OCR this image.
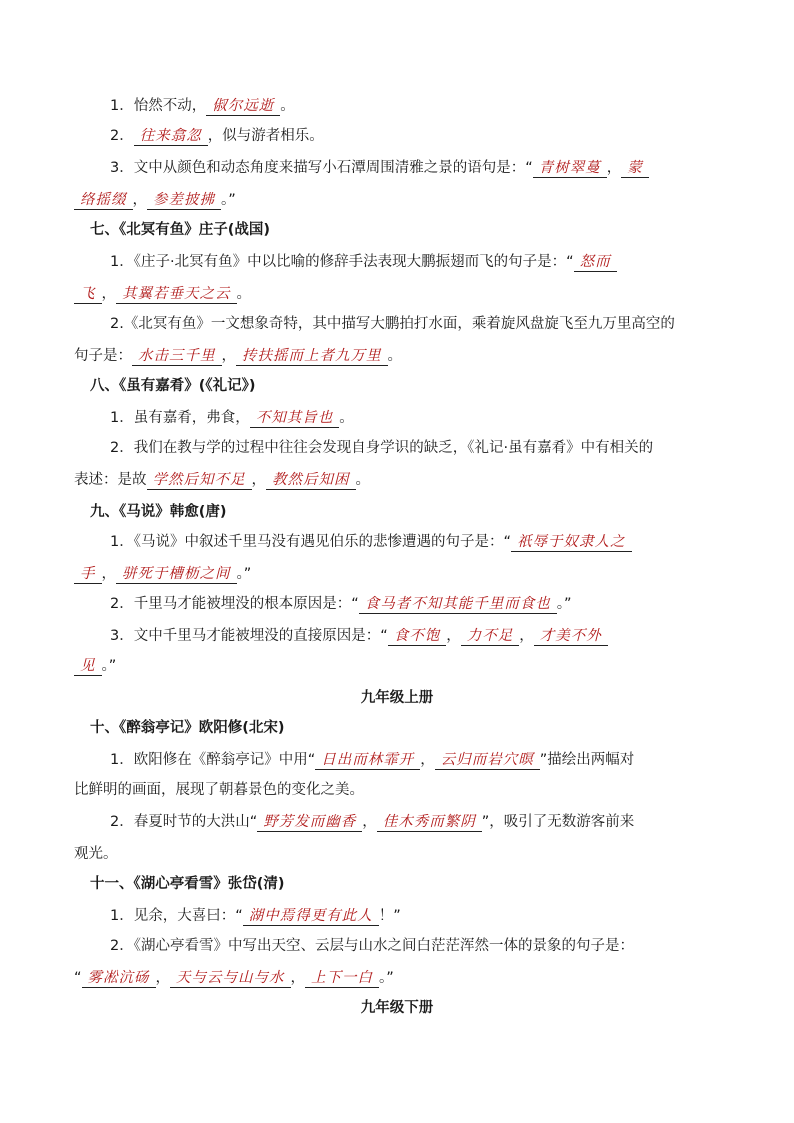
1．怡然不动， 俶尔远逝 。
2． 往来翕忽 ，似与游者相乐。
3．文中从颜色和动态角度来描写小石潭周围清雅之景的语句是：“ 青树翠蔓 ， 蒙
络摇缀 ， 参差披拂 。”
七、《北冥有鱼》庄子(战国)
1．《庄子·北冥有鱼》中以比喻的修辞手法表现大鹏振翅而飞的句子是：“ 怒而
飞 ， 其翼若垂天之云 。
2.《北冥有鱼》一文想象奇特，其中描写大鹏拍打水面，乘着旋风盘旋飞至九万里高空的
句子是： 水击三千里 ， 抟扶摇而上者九万里 。
八、《虽有嘉肴》(《礼记》)
1．虽有嘉肴，弗食， 不知其旨也 。
2．我们在教与学的过程中往往会发现自身学识的缺乏，《礼记·虽有嘉肴》中有相关的
表述：是故 学然后知不足 ， 教然后知困 。
九、《马说》韩愈(唐)
1．《马说》中叙述千里马没有遇见伯乐的悲惨遭遇的句子是：“ 祇辱于奴隶人之
手 ， 骈死于槽枥之间 。”
2．千里马才能被埋没的根本原因是：“ 食马者不知其能千里而食也 。”
3．文中千里马才能被埋没的直接原因是：“ 食不饱 ， 力不足 ， 才美不外
见 。”
九年级上册
十、《醉翁亭记》欧阳修(北宋)
1．欧阳修在《醉翁亭记》中用“ 日出而林霏开 ， 云归而岩穴暝 ”描绘出两幅对
比鲜明的画面，展现了朝暮景色的变化之美。
2．春夏时节的大洪山“ 野芳发而幽香 ， 佳木秀而繁阴 ”，吸引了无数游客前来
观光。
十一、《湖心亭看雪》张岱(清)
1．见余，大喜曰：“ 湖中焉得更有此人 ！”
2．《湖心亭看雪》中写出天空、云层与山水之间白茫茫浑然一体的景象的句子是：
“ 雾凇沆砀 ， 天与云与山与水 ， 上下一白 。”
九年级下册
